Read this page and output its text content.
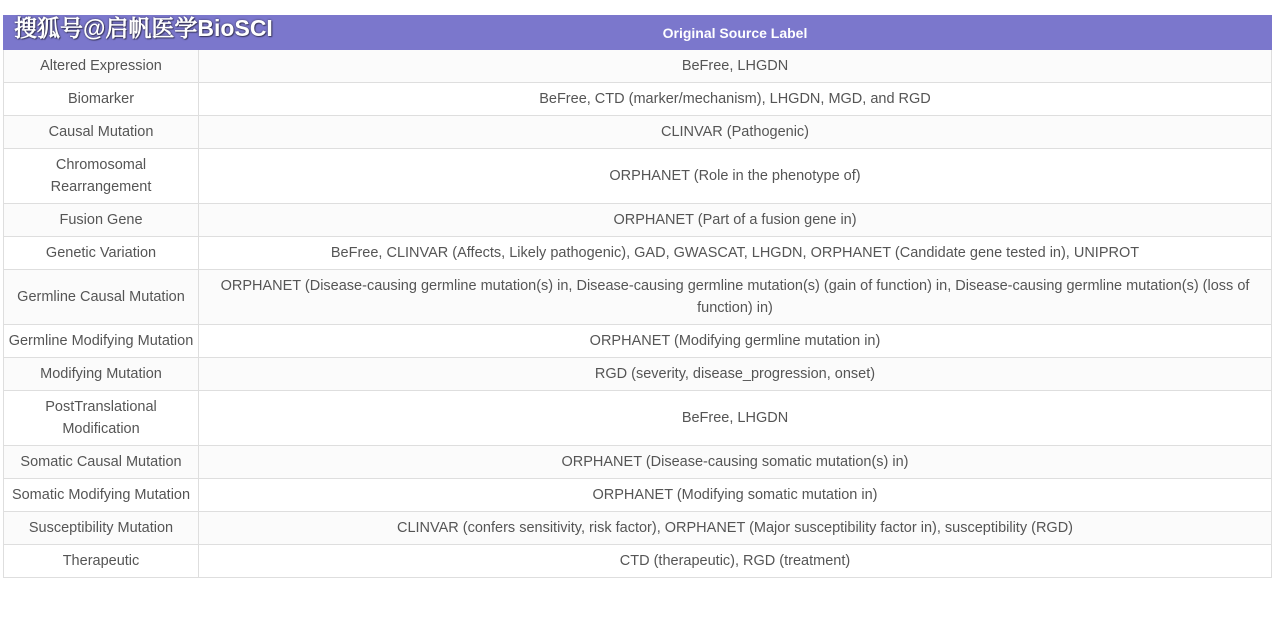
搜狐号@启帆医学BioSCI
		Original Source Label
Altered Expression	BeFree, LHGDN
Biomarker	BeFree, CTD (marker/mechanism), LHGDN, MGD, and RGD
Causal Mutation	CLINVAR (Pathogenic)
Chromosomal Rearrangement	ORPHANET (Role in the phenotype of)
Fusion Gene	ORPHANET (Part of a fusion gene in)
Genetic Variation	BeFree, CLINVAR (Affects, Likely pathogenic), GAD, GWASCAT, LHGDN, ORPHANET (Candidate gene tested in), UNIPROT
Germline Causal Mutation	ORPHANET (Disease-causing germline mutation(s) in, Disease-causing germline mutation(s) (gain of function) in, Disease-causing germline mutation(s) (loss of function) in)
Germline Modifying Mutation	ORPHANET (Modifying germline mutation in)
Modifying Mutation	RGD (severity, disease_progression, onset)
PostTranslational Modification	BeFree, LHGDN
Somatic Causal Mutation	ORPHANET (Disease-causing somatic mutation(s) in)
Somatic Modifying Mutation	ORPHANET (Modifying somatic mutation in)
Susceptibility Mutation	CLINVAR (confers sensitivity, risk factor), ORPHANET (Major susceptibility factor in), susceptibility (RGD)
Therapeutic	CTD (therapeutic), RGD (treatment)
